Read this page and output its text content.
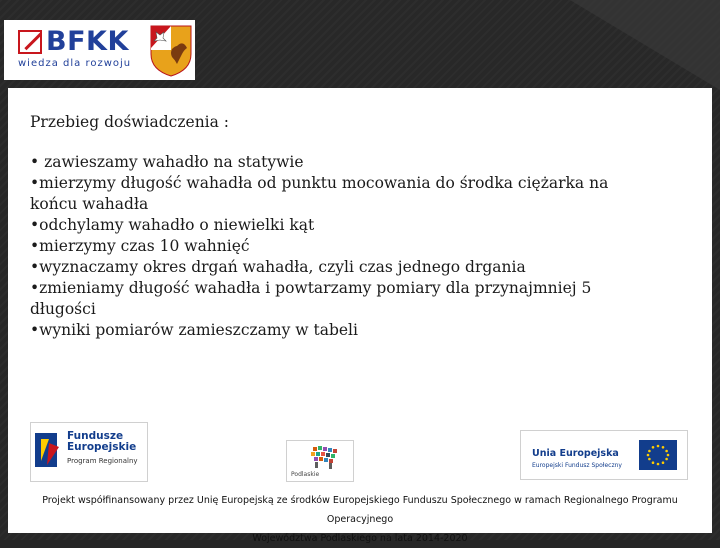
BFKK
wiedza dla rozwoju
Przebieg doświadczenia :
• zawieszamy wahadło na statywie
•mierzymy długość wahadła od punktu mocowania do środka ciężarka na końcu wahadła
•odchylamy wahadło o niewielki kąt
•mierzymy czas 10 wahnięć
•wyznaczamy okres drgań wahadła, czyli czas jednego drgania
•zmieniamy długość wahadła i powtarzamy pomiary dla przynajmniej 5 długości
•wyniki pomiarów zamieszczamy w tabeli
Fundusze
Europejskie
Program Regionalny
Podlaskie
Unia Europejska
Europejski Fundusz Społeczny
Projekt współfinansowany przez Unię Europejską ze środków Europejskiego Funduszu Społecznego w ramach Regionalnego Programu Operacyjnego
Województwa Podlaskiego na lata 2014-2020
